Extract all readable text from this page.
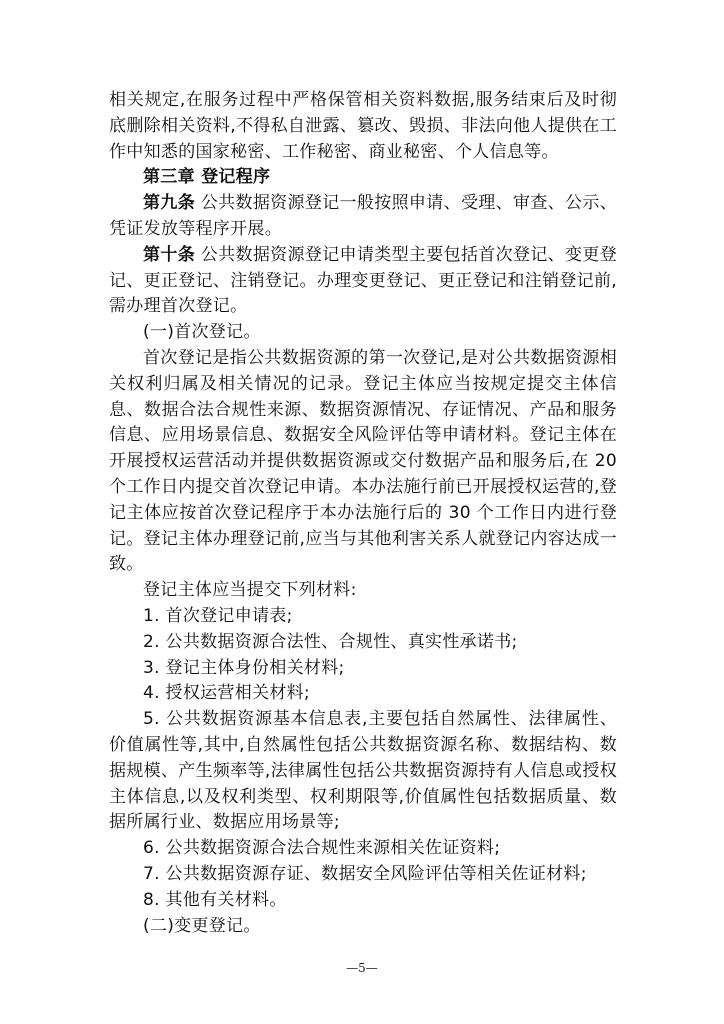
相关规定,在服务过程中严格保管相关资料数据,服务结束后及时彻底删除相关资料,不得私自泄露、篡改、毁损、非法向他人提供在工作中知悉的国家秘密、工作秘密、商业秘密、个人信息等。

第三章 登记程序

第九条 公共数据资源登记一般按照申请、受理、审查、公示、凭证发放等程序开展。

第十条 公共数据资源登记申请类型主要包括首次登记、变更登记、更正登记、注销登记。办理变更登记、更正登记和注销登记前,需办理首次登记。

(一)首次登记。

首次登记是指公共数据资源的第一次登记,是对公共数据资源相关权利归属及相关情况的记录。登记主体应当按规定提交主体信息、数据合法合规性来源、数据资源情况、存证情况、产品和服务信息、应用场景信息、数据安全风险评估等申请材料。登记主体在开展授权运营活动并提供数据资源或交付数据产品和服务后,在 20 个工作日内提交首次登记申请。本办法施行前已开展授权运营的,登记主体应按首次登记程序于本办法施行后的 30 个工作日内进行登记。登记主体办理登记前,应当与其他利害关系人就登记内容达成一致。

登记主体应当提交下列材料:

1. 首次登记申请表;

2. 公共数据资源合法性、合规性、真实性承诺书;

3. 登记主体身份相关材料;

4. 授权运营相关材料;

5. 公共数据资源基本信息表,主要包括自然属性、法律属性、价值属性等,其中,自然属性包括公共数据资源名称、数据结构、数据规模、产生频率等,法律属性包括公共数据资源持有人信息或授权主体信息,以及权利类型、权利期限等,价值属性包括数据质量、数据所属行业、数据应用场景等;

6. 公共数据资源合法合规性来源相关佐证资料;

7. 公共数据资源存证、数据安全风险评估等相关佐证材料;

8. 其他有关材料。

(二)变更登记。

—5—
